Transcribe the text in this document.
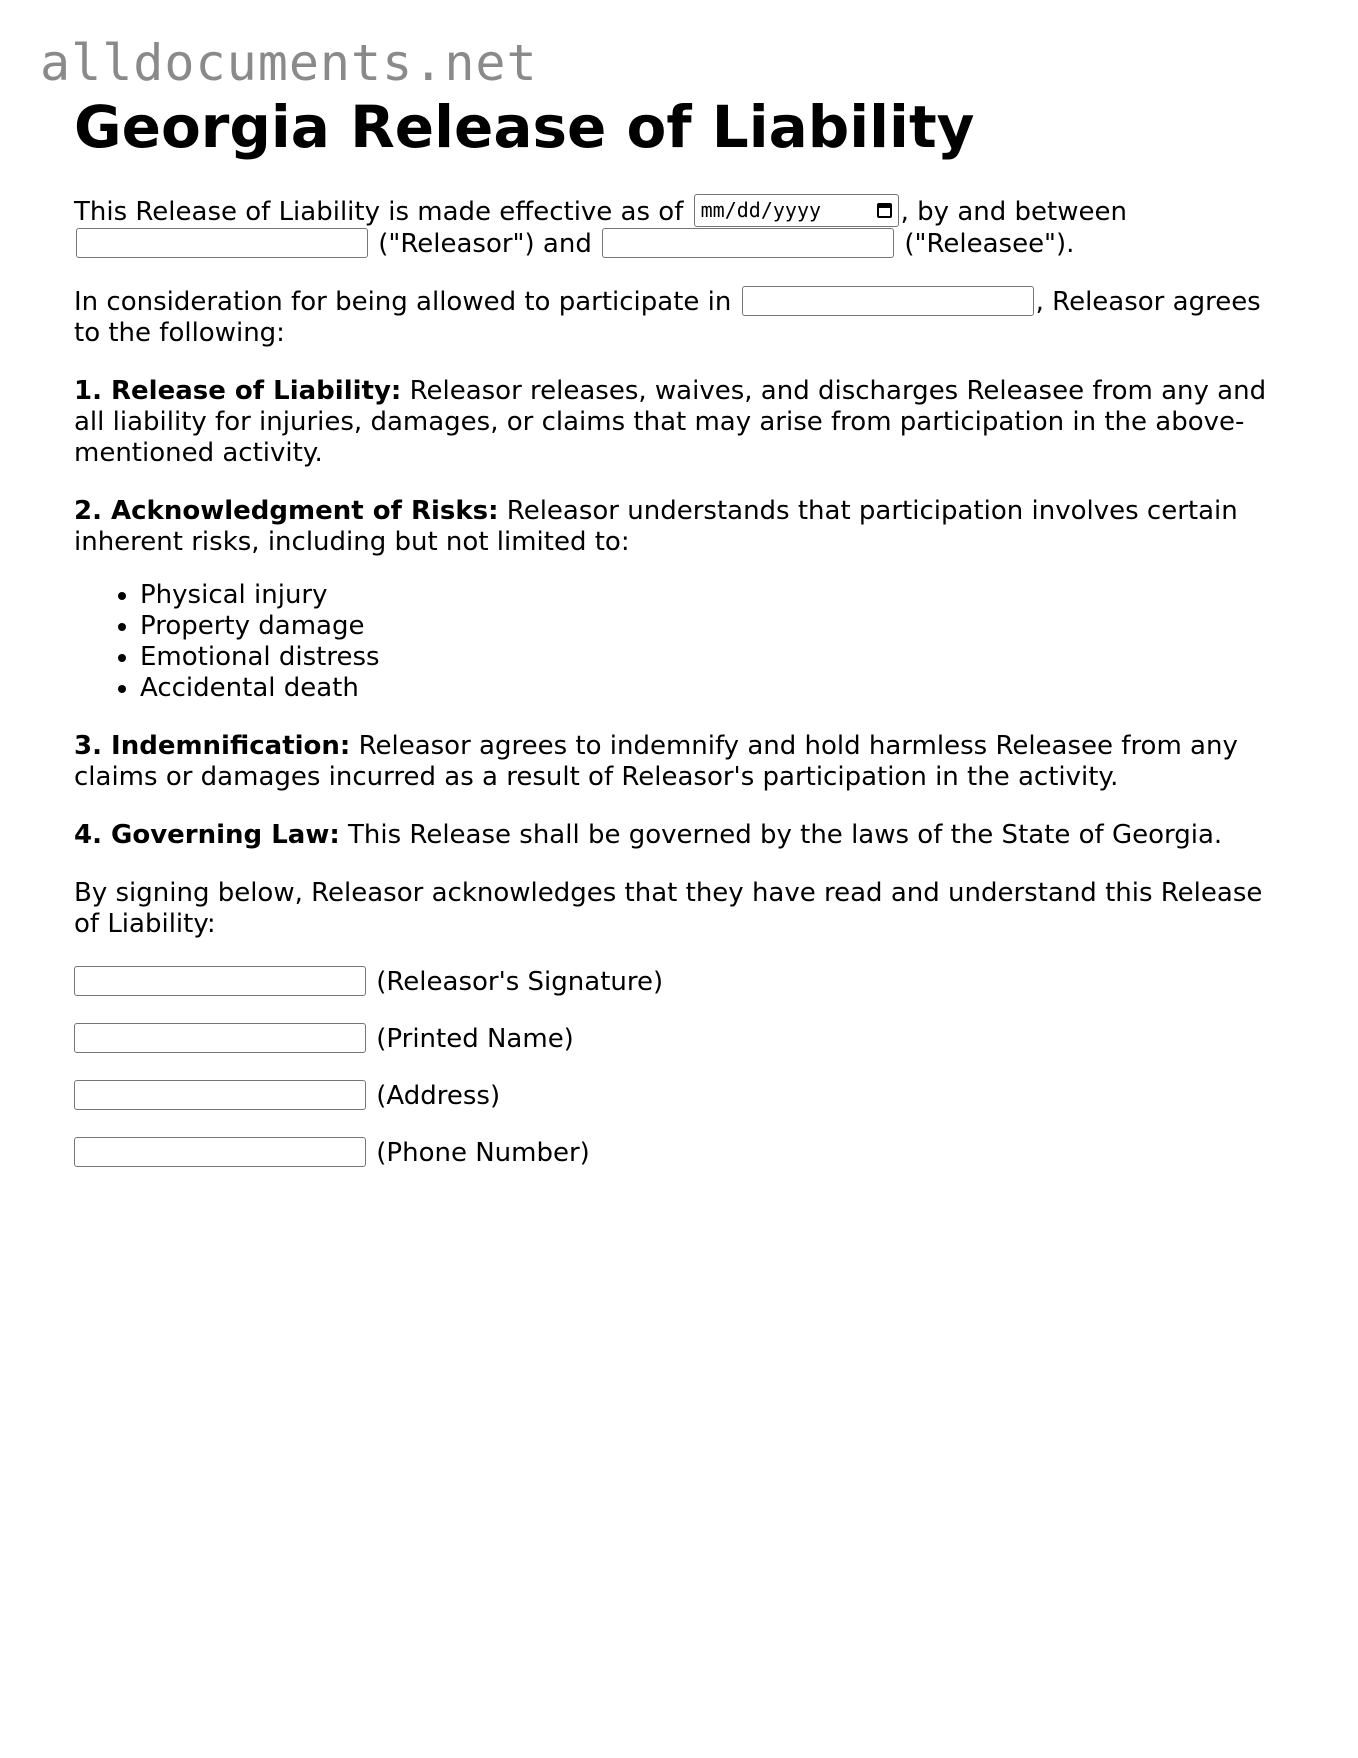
alldocuments.net
Georgia Release of Liability

This Release of Liability is made effective as of mm/dd/yyyy	, by and between  ("Releasor") and	("Releasee").

In consideration for being allowed to participate in	, Releasor agrees to the following:

1. Release of Liability: Releasor releases, waives, and discharges Releasee from any and all liability for injuries, damages, or claims that may arise from participation in the above-mentioned activity.
2. Acknowledgment of Risks: Releasor understands that participation involves certain inherent risks, including but not limited to:
• Physical injury
• Property damage
• Emotional distress
• Accidental death
3. Indemnification: Releasor agrees to indemnify and hold harmless Releasee from any claims or damages incurred as a result of Releasor's participation in the activity.
4. Governing Law: This Release shall be governed by the laws of the State of Georgia.

By signing below, Releasor acknowledges that they have read and understand this Release of Liability:

(Releasor's Signature)
(Printed Name)
(Address)
(Phone Number)
